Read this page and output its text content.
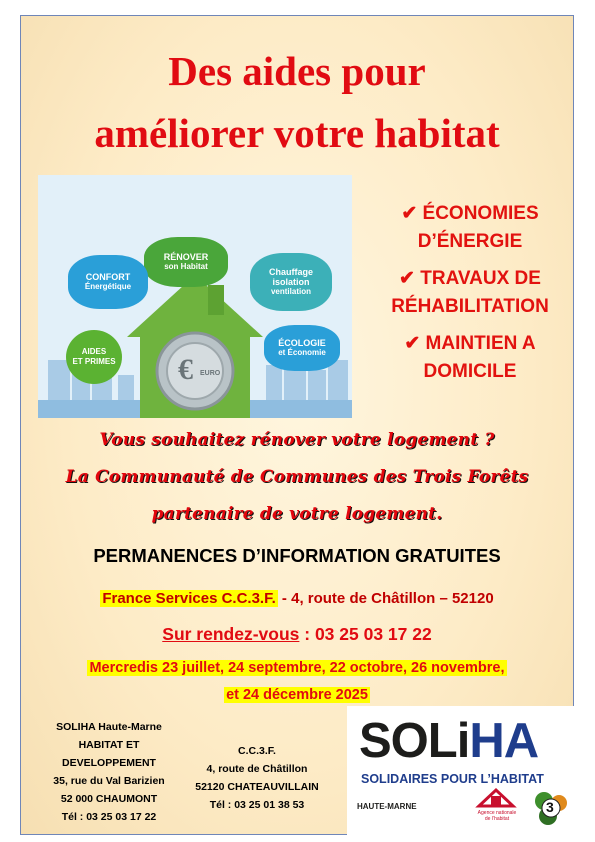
Des aides pour
améliorer votre habitat
RÉNOVER
son Habitat
CONFORT
Énergétique
Chauffage
isolation
ventilation
ÉCOLOGIE
et Économie
AIDES
ET PRIMES € EURO
✔ ÉCONOMIES
D’ÉNERGIE
✔ TRAVAUX DE
RÉHABILITATION
✔ MAINTIEN A
DOMICILE
Vous souhaitez rénover votre logement ?
La Communauté de Communes des Trois Forêts
partenaire de votre logement.
PERMANENCES D’INFORMATION GRATUITES
France Services C.C.3.F. - 4, route de Châtillon – 52120
Sur rendez-vous : 03 25 03 17 22
Mercredis 23 juillet, 24 septembre, 22 octobre, 26 novembre,
et 24 décembre 2025
SOLIHA Haute-Marne
HABITAT ET
DEVELOPPEMENT
35, rue du Val Barizien
52 000 CHAUMONT
Tél : 03 25 03 17 22
C.C.3.F.
4, route de Châtillon
52120 CHATEAUVILLAIN
Tél : 03 25 01 38 53
SOLiHA
SOLIDAIRES POUR L’HABITAT
HAUTE-MARNE
Agence nationale de l’habitat
3
